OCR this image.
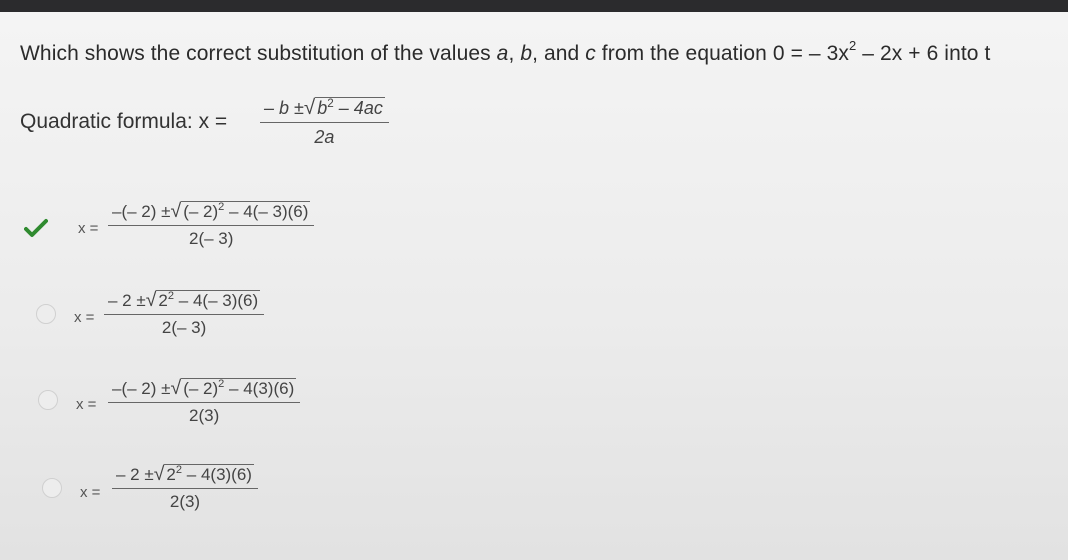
Which shows the correct substitution of the values a, b, and c from the equation 0 = – $3x^2 - 2x + 6$ into t
Quadratic formula: $x = \frac{- b \pm√ b^2 - 4ac}{2a}$
$x = \frac{-(- 2) \pm√ (- 2)^2 - 4(- 3)(6)}{2(- 3)}$
$x = \frac{- 2 \pm√ 2^2 - 4(- 3)(6)}{2(- 3)}$
$x = \frac{-(- 2) \pm√ (- 2)^2 - 4(3)(6)}{2(3)}$
$x = \frac{- 2 \pm√ 2^2 - 4(3)(6)}{2(3)}$
